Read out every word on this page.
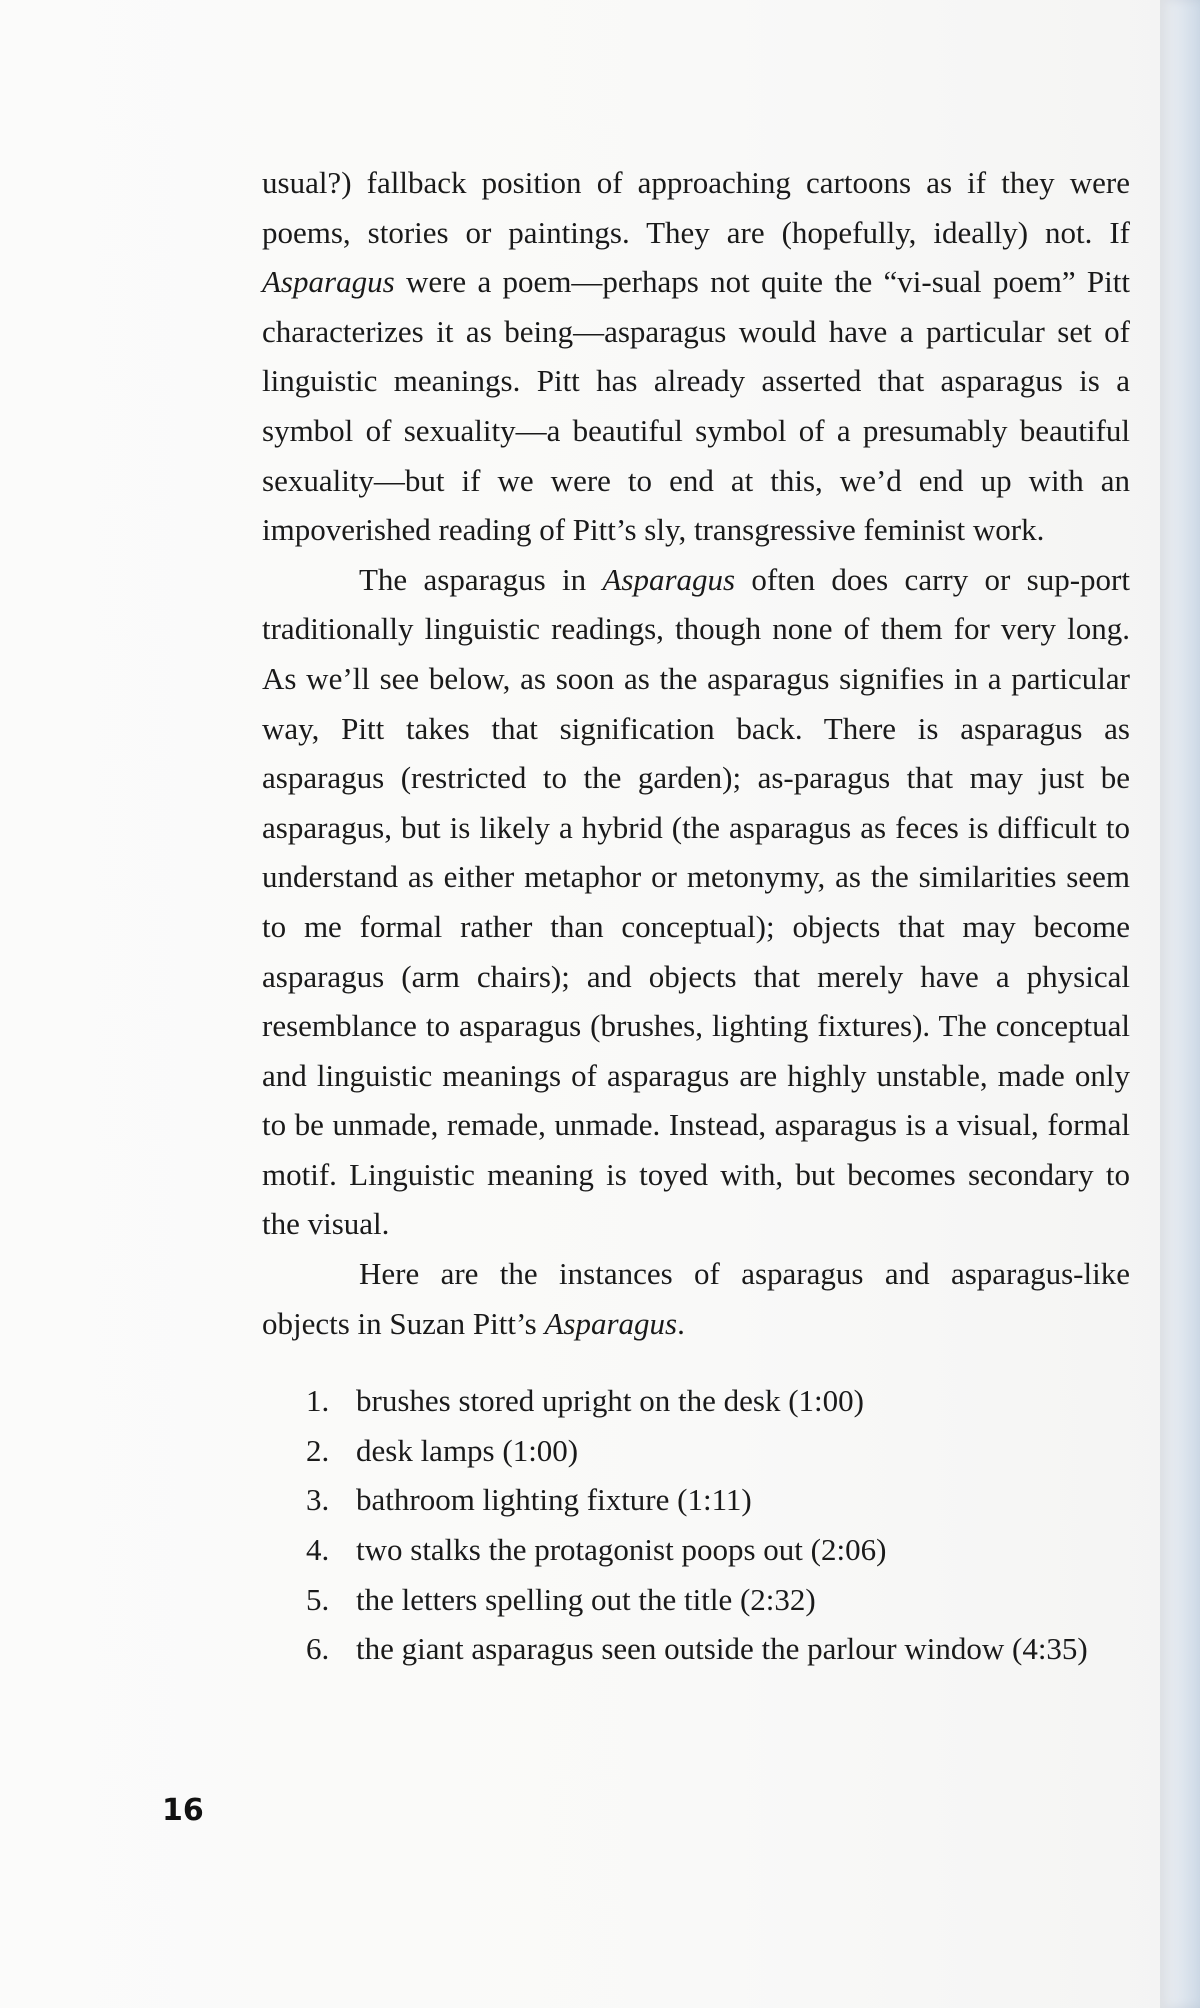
usual?) fallback position of approaching cartoons as if they were poems, stories or paintings. They are (hopefully, ideally) not. If Asparagus were a poem—perhaps not quite the “vi-sual poem” Pitt characterizes it as being—asparagus would have a particular set of linguistic meanings. Pitt has already asserted that asparagus is a symbol of sexuality—a beautiful symbol of a presumably beautiful sexuality—but if we were to end at this, we’d end up with an impoverished reading of Pitt’s sly, transgressive feminist work.

The asparagus in Asparagus often does carry or sup-port traditionally linguistic readings, though none of them for very long. As we’ll see below, as soon as the asparagus signifies in a particular way, Pitt takes that signification back. There is asparagus as asparagus (restricted to the garden); as-paragus that may just be asparagus, but is likely a hybrid (the asparagus as feces is difficult to understand as either metaphor or metonymy, as the similarities seem to me formal rather than conceptual); objects that may become asparagus (arm chairs); and objects that merely have a physical resemblance to asparagus (brushes, lighting fixtures). The conceptual and linguistic meanings of asparagus are highly unstable, made only to be unmade, remade, unmade. Instead, asparagus is a visual, formal motif. Linguistic meaning is toyed with, but becomes secondary to the visual.

Here are the instances of asparagus and asparagus-like objects in Suzan Pitt’s Asparagus.

1. brushes stored upright on the desk (1:00)
2. desk lamps (1:00)
3. bathroom lighting fixture (1:11)
4. two stalks the protagonist poops out (2:06)
5. the letters spelling out the title (2:32)
6. the giant asparagus seen outside the parlour window (4:35)
16
